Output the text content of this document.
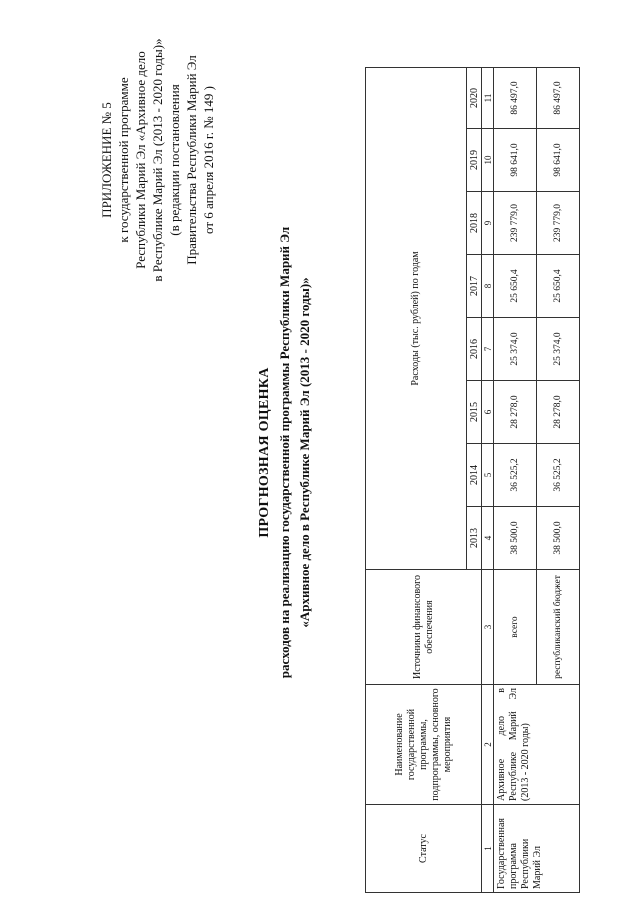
ПРИЛОЖЕНИЕ № 5 к государственной программе Республики Марий Эл «Архивное дело в Республике Марий Эл (2013 - 2020 годы)» (в редакции постановления Правительства Республики Марий Эл от 6 апреля 2016 г. № 149 )
ПРОГНОЗНАЯ ОЦЕНКА расходов на реализацию государственной программы Республики Марий Эл «Архивное дело в Республике Марий Эл (2013 - 2020 годы)»
Статус	Наименование государственной программы, подпрограммы, основного мероприятия	Источники финансового обеспечения	Расходы (тыс. рублей) по годам							
			2013	2014	2015	2016	2017	2018	2019	2020
1	2	3	4	5	6	7	8	9	10	11
Государственная программа Республики Марий Эл	Архивное дело в Республике Марий Эл (2013 - 2020 годы)	всего	38 500,0	36 525,2	28 278,0	25 374,0	25 650,4	239 779,0	98 641,0	86 497,0
		республиканский бюджет	38 500,0	36 525,2	28 278,0	25 374,0	25 650,4	239 779,0	98 641,0	86 497,0
